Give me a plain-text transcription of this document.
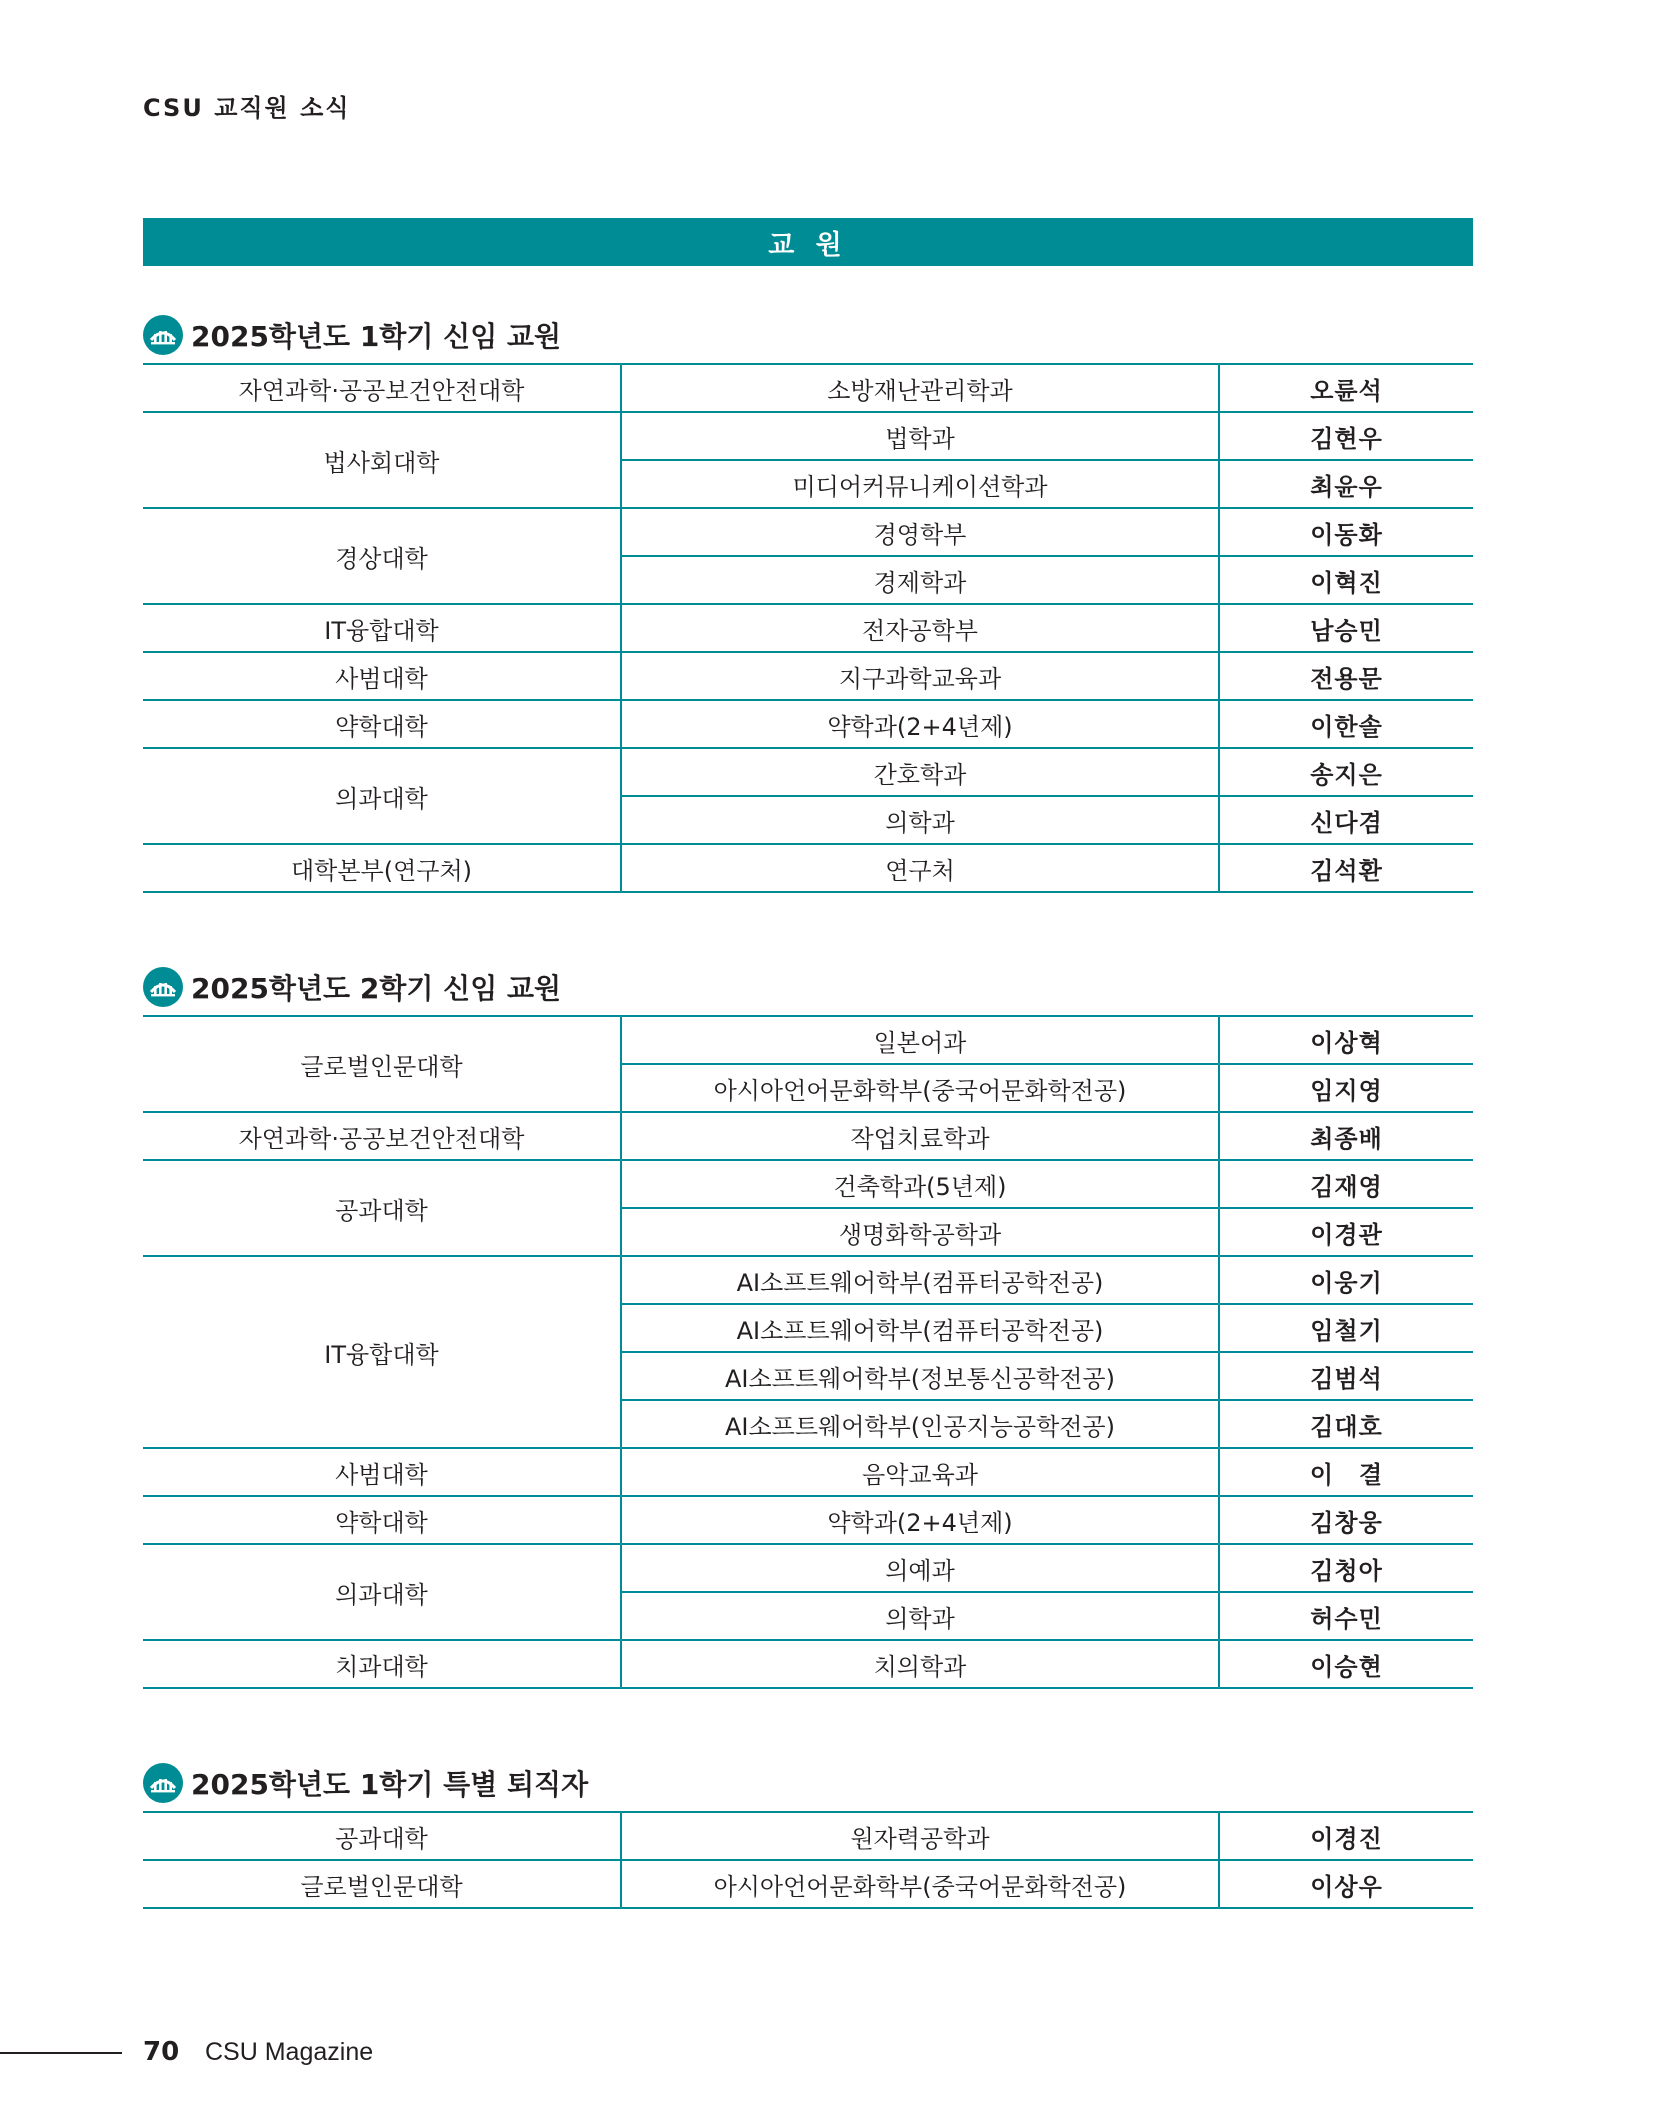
CSU 교직원 소식
교 원
2025학년도 1학기 신임 교원
자연과학·공공보건안전대학	소방재난관리학과	오륜석
법사회대학	법학과	김현우
	미디어커뮤니케이션학과	최윤우
경상대학	경영학부	이동화
	경제학과	이혁진
IT융합대학	전자공학부	남승민
사범대학	지구과학교육과	전용문
약학대학	약학과(2+4년제)	이한솔
의과대학	간호학과	송지은
	의학과	신다겸
대학본부(연구처)	연구처	김석환
2025학년도 2학기 신임 교원
글로벌인문대학	일본어과	이상혁
	아시아언어문화학부(중국어문화학전공)	임지영
자연과학·공공보건안전대학	작업치료학과	최종배
공과대학	건축학과(5년제)	김재영
	생명화학공학과	이경관
IT융합대학	AI소프트웨어학부(컴퓨터공학전공)	이웅기
	AI소프트웨어학부(컴퓨터공학전공)	임철기
	AI소프트웨어학부(정보통신공학전공)	김범석
	AI소프트웨어학부(인공지능공학전공)	김대호
사범대학	음악교육과	이　결
약학대학	약학과(2+4년제)	김창웅
의과대학	의예과	김청아
	의학과	허수민
치과대학	치의학과	이승현
2025학년도 1학기 특별 퇴직자
공과대학	원자력공학과	이경진
글로벌인문대학	아시아언어문화학부(중국어문화학전공)	이상우
70 CSU Magazine
